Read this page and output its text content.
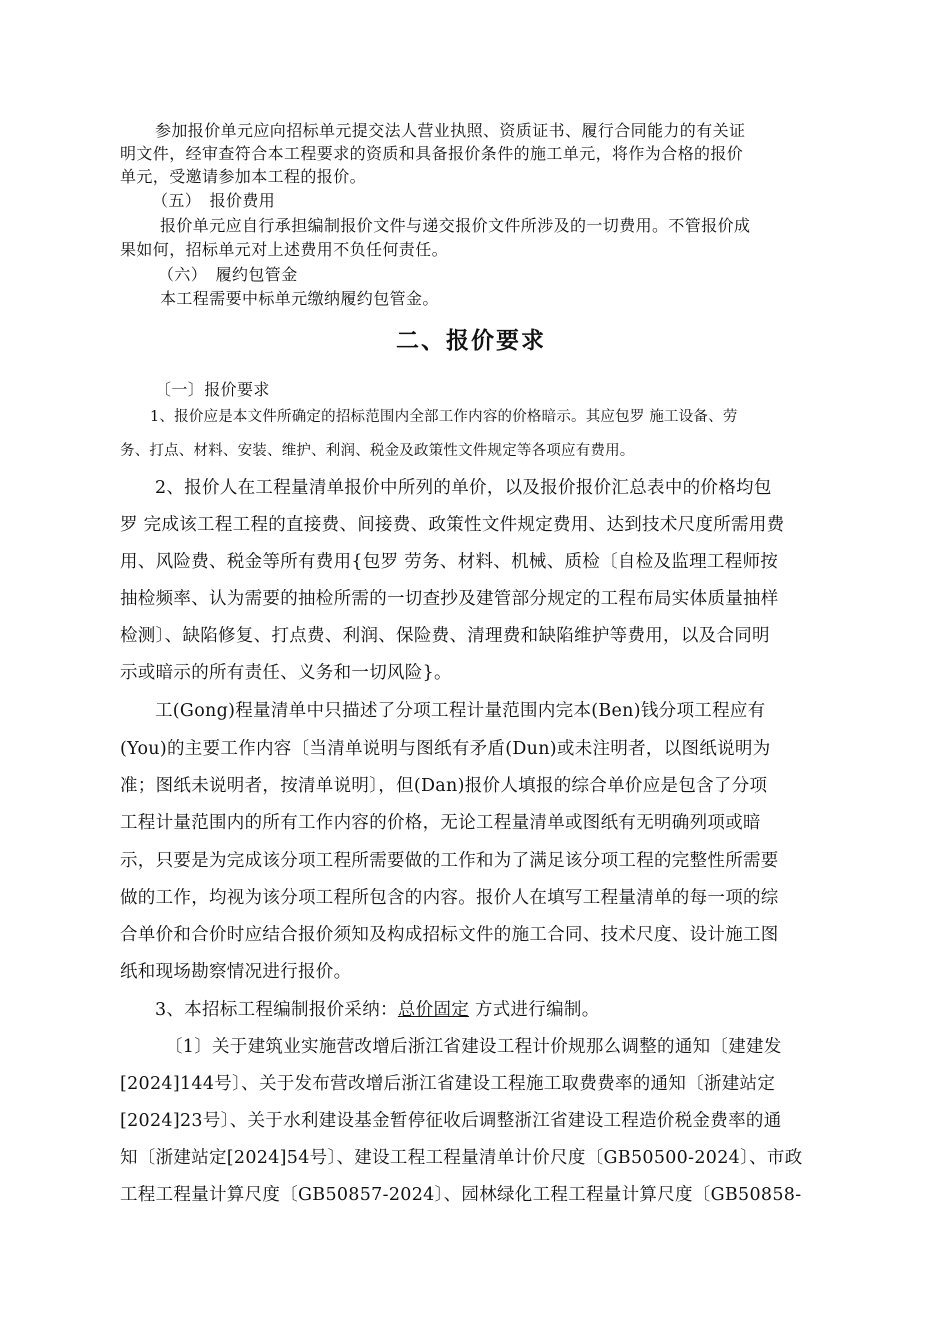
参加报价单元应向招标单元提交法人营业执照、资质证书、履行合同能力的有关证
明文件，经审查符合本工程要求的资质和具备报价条件的施工单元，将作为合格的报价
单元，受邀请参加本工程的报价。
（五）　报价费用
报价单元应自行承担编制报价文件与递交报价文件所涉及的一切费用。不管报价成
果如何，招标单元对上述费用不负任何责任。
（六）　履约包管金
本工程需要中标单元缴纳履约包管金。
二、报价要求
〔一〕报价要求
1、报价应是本文件所确定的招标范围内全部工作内容的价格暗示。其应包罗 施工设备、劳
务、打点、材料、安装、维护、利润、税金及政策性文件规定等各项应有费用。
2、报价人在工程量清单报价中所列的单价，以及报价报价汇总表中的价格均包
罗 完成该工程工程的直接费、间接费、政策性文件规定费用、达到技术尺度所需用费
用、风险费、税金等所有费用{包罗 劳务、材料、机械、质检〔自检及监理工程师按
抽检频率、认为需要的抽检所需的一切查抄及建管部分规定的工程布局实体质量抽样
检测〕、缺陷修复、打点费、利润、保险费、清理费和缺陷维护等费用，以及合同明
示或暗示的所有责任、义务和一切风险}。
工(Gong)程量清单中只描述了分项工程计量范围内完本(Ben)钱分项工程应有
(You)的主要工作内容〔当清单说明与图纸有矛盾(Dun)或未注明者，以图纸说明为
准；图纸未说明者，按清单说明〕，但(Dan)报价人填报的综合单价应是包含了分项
工程计量范围内的所有工作内容的价格，无论工程量清单或图纸有无明确列项或暗
示，只要是为完成该分项工程所需要做的工作和为了满足该分项工程的完整性所需要
做的工作，均视为该分项工程所包含的内容。报价人在填写工程量清单的每一项的综
合单价和合价时应结合报价须知及构成招标文件的施工合同、技术尺度、设计施工图
纸和现场勘察情况进行报价。
3、本招标工程编制报价采纳：总价固定 方式进行编制。
〔1〕关于建筑业实施营改增后浙江省建设工程计价规那么调整的通知〔建建发
[2024]144号〕、关于发布营改增后浙江省建设工程施工取费费率的通知〔浙建站定
[2024]23号〕、关于水利建设基金暂停征收后调整浙江省建设工程造价税金费率的通
知〔浙建站定[2024]54号〕、建设工程工程量清单计价尺度〔GB50500-2024〕、市政
工程工程量计算尺度〔GB50857-2024〕、园林绿化工程工程量计算尺度〔GB50858-
